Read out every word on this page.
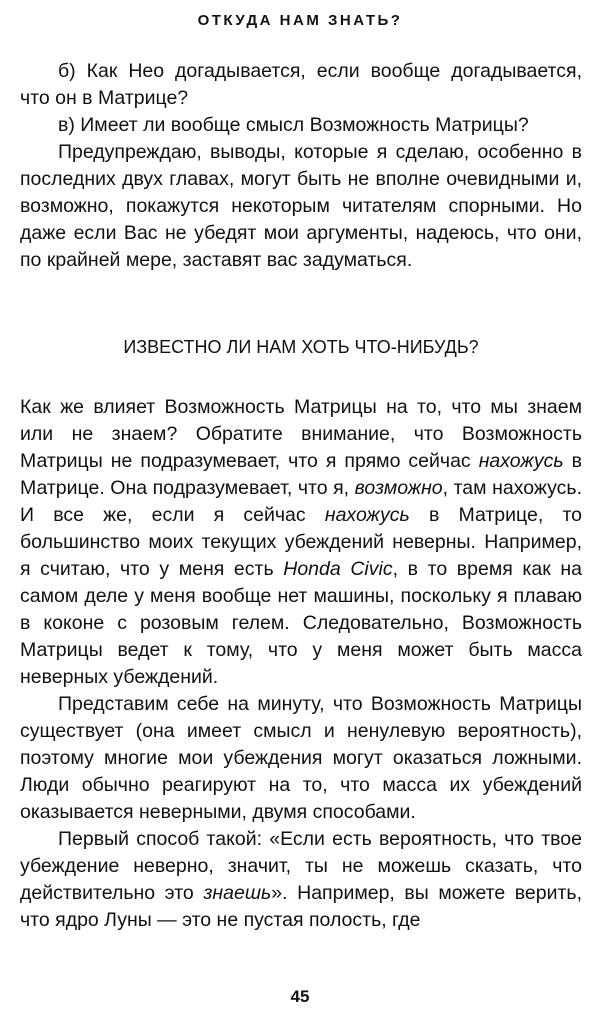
ОТКУДА НАМ ЗНАТЬ?

б) Как Нео догадывается, если вообще догадывается, что он в Матрице?

в) Имеет ли вообще смысл Возможность Матрицы?

Предупреждаю, выводы, которые я сделаю, особенно в последних двух главах, могут быть не вполне очевидными и, возможно, покажутся некоторым читателям спорными. Но даже если Вас не убедят мои аргументы, надеюсь, что они, по крайней мере, заставят вас задуматься.

ИЗВЕСТНО ЛИ НАМ ХОТЬ ЧТО-НИБУДЬ?

Как же влияет Возможность Матрицы на то, что мы знаем или не знаем? Обратите внимание, что Возможность Матрицы не подразумевает, что я прямо сейчас нахожусь в Матрице. Она подразумевает, что я, возможно, там нахожусь. И все же, если я сейчас нахожусь в Матрице, то большинство моих текущих убеждений неверны. Например, я считаю, что у меня есть Honda Civic, в то время как на самом деле у меня вообще нет машины, поскольку я плаваю в коконе с розовым гелем. Следовательно, Возможность Матрицы ведет к тому, что у меня может быть масса неверных убеждений.

Представим себе на минуту, что Возможность Матрицы существует (она имеет смысл и ненулевую вероятность), поэтому многие мои убеждения могут оказаться ложными. Люди обычно реагируют на то, что масса их убеждений оказывается неверными, двумя способами.

Первый способ такой: «Если есть вероятность, что твое убеждение неверно, значит, ты не можешь сказать, что действительно это знаешь». Например, вы можете верить, что ядро Луны — это не пустая полость, где

45
